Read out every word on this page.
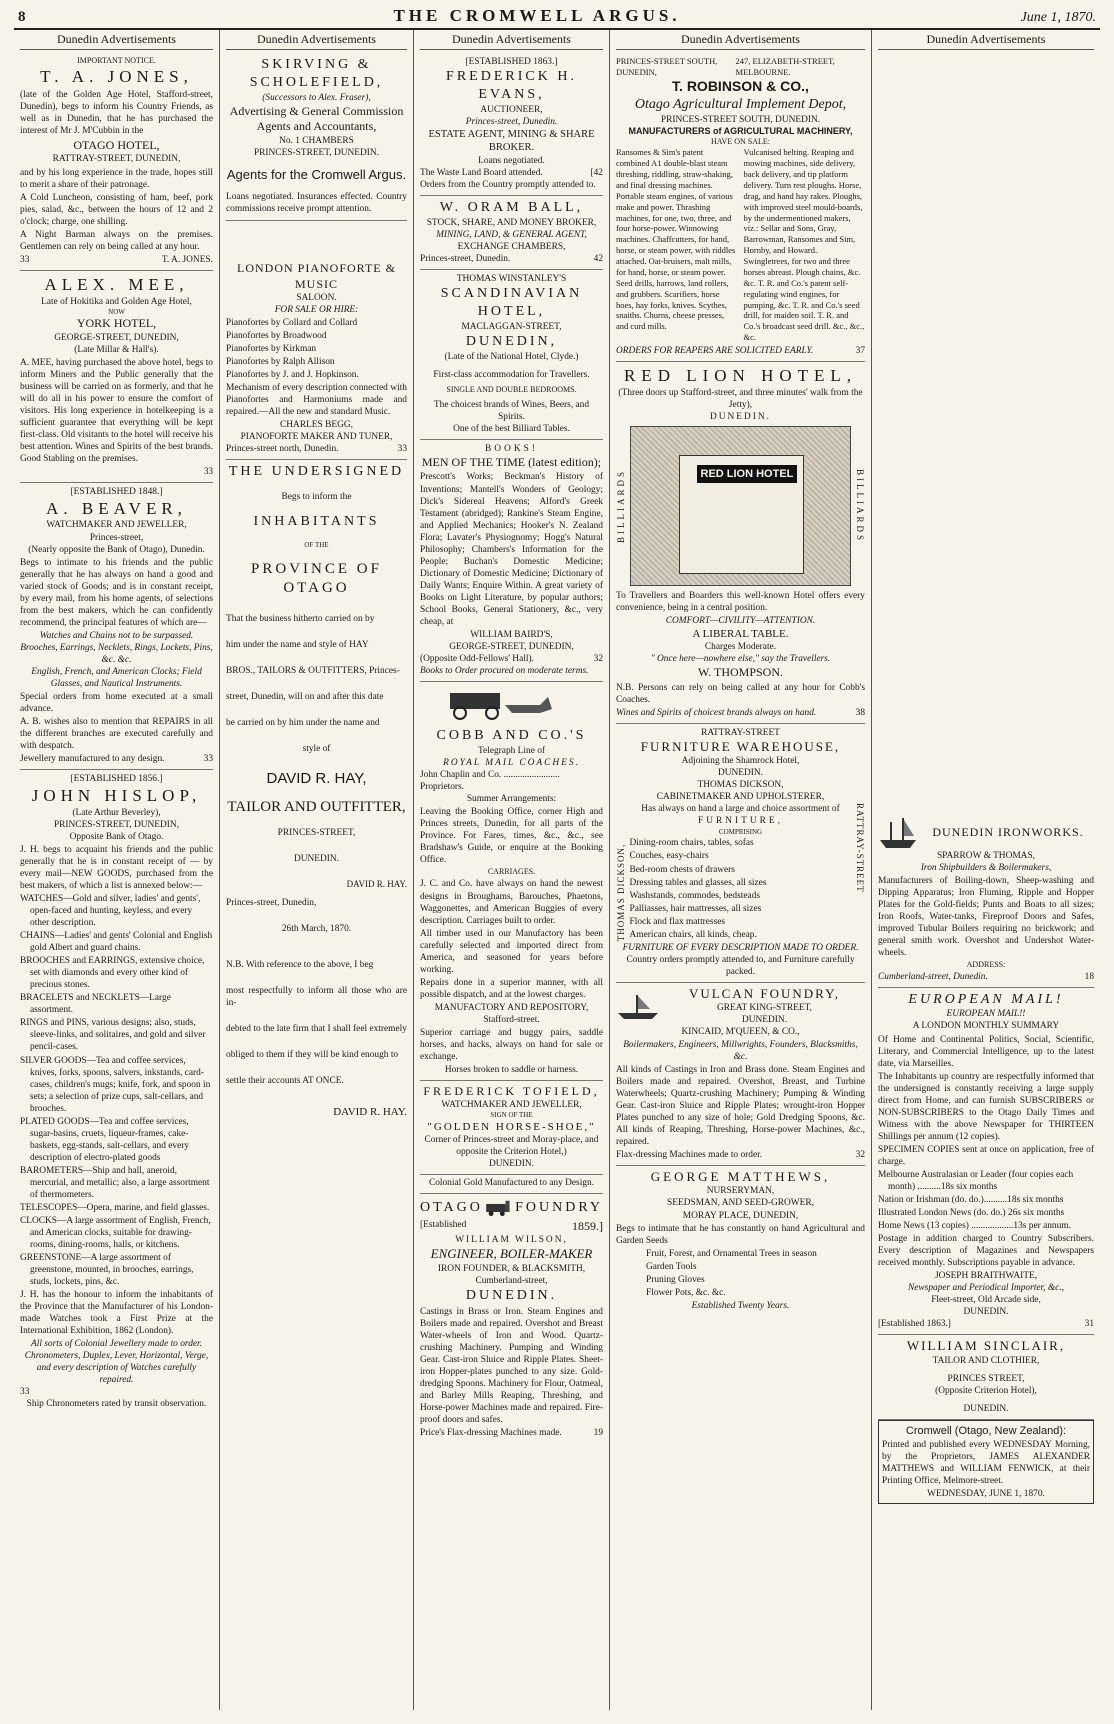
8	THE CROMWELL ARGUS.	June 1, 1870.
Dunedin Advertisements
IMPORTANT NOTICE.
T. A. JONES,

(late of the Golden Age Hotel, Stafford-street, Dunedin), begs to inform his Country Friends, as well as in Dunedin, that he has purchased the interest of Mr J. M'Cubbin in the

OTAGO HOTEL,
RATTRAY-STREET, DUNEDIN,

and by his long experience in the trade, hopes still to merit a share of their patronage.

A Cold Luncheon, consisting of ham, beef, pork pies, salad, &c., between the hours of 12 and 2 o'clock; charge, one shilling.

A Night Barman always on the premises. Gentlemen can rely on being called at any hour.

33	T. A. JONES.
ALEX. MEE,
Late of Hokitika and Golden Age Hotel,
NOW
YORK HOTEL,
GEORGE-STREET, DUNEDIN,
(Late Millar & Hall's).

A. MEE, having purchased the above hotel, begs to inform Miners and the Public generally that the business will be carried on as formerly, and that he will do all in his power to ensure the comfort of visitors. His long experience in hotelkeeping is a sufficient guarantee that everything will be kept first-class. Old visitants to the hotel will receive his best attention. Wines and Spirits of the best brands. Good Stabling on the premises.

33
[ESTABLISHED 1848.]
A. BEAVER,
WATCHMAKER AND JEWELLER,
Princes-street,
(Nearly opposite the Bank of Otago), Dunedin.

Begs to intimate to his friends and the public generally that he has always on hand a good and varied stock of Goods; and is in constant receipt, by every mail, from his home agents, of selections from the best makers, which he can confidently recommend, the principal features of which are—

Watches and Chains not to be surpassed.
Brooches, Earrings, Necklets, Rings, Lockets, Pins, &c. &c.
English, French, and American Clocks; Field Glasses, and Nautical Instruments.

Special orders from home executed at a small advance.

A. B. wishes also to mention that REPAIRS in all the different branches are executed carefully and with despatch.

Jewellery manufactured to any design.	33
[ESTABLISHED 1856.]
JOHN HISLOP,
(Late Arthur Beverley),
PRINCES-STREET, DUNEDIN,
Opposite Bank of Otago.

J. H. begs to acquaint his friends and the public generally that he is in constant receipt of — by every mail—NEW GOODS, purchased from the best makers, of which a list is annexed below:—

WATCHES—Gold and silver, ladies' and gents', open-faced and hunting, keyless, and every other description.
CHAINS—Ladies' and gents' Colonial and English gold Albert and guard chains.
BROOCHES and EARRINGS, extensive choice, set with diamonds and every other kind of precious stones.
BRACELETS and NECKLETS—Large assortment.
RINGS and PINS, various designs; also, studs, sleeve-links, and solitaires, and gold and silver pencil-cases.
SILVER GOODS—Tea and coffee services, knives, forks, spoons, salvers, inkstands, card-cases, children's mugs; knife, fork, and spoon in sets; a selection of prize cups, salt-cellars, and brooches.
PLATED GOODS—Tea and coffee services, sugar-basins, cruets, liqueur-frames, cake-baskets, egg-stands, salt-cellars, and every description of electro-plated goods
BAROMETERS—Ship and hall, aneroid, mercurial, and metallic; also, a large assortment of thermometers.
TELESCOPES—Opera, marine, and field glasses.
CLOCKS—A large assortment of English, French, and American clocks, suitable for drawing-rooms, dining-rooms, halls, or kitchens.
GREENSTONE—A large assortment of greenstone, mounted, in brooches, earrings, studs, lockets, pins, &c.

J. H. has the honour to inform the inhabitants of the Province that the Manufacturer of his London-made Watches took a First Prize at the International Exhibition, 1862 (London).

All sorts of Colonial Jewellery made to order.
Chronometers, Duplex, Lever, Horizontal, Verge, and every description of Watches carefully repaired.
33
Ship Chronometers rated by transit observation.
Dunedin Advertisements
SKIRVING & SCHOLEFIELD,
(Successors to Alex. Fraser),
Advertising & General Commission
Agents and Accountants,
No. 1 CHAMBERS
PRINCES-STREET, DUNEDIN.
Agents for the Cromwell Argus.

Loans negotiated. Insurances effected. Country commissions receive prompt attention.

LONDON PIANOFORTE & MUSIC
SALOON.
FOR SALE OR HIRE:
Pianofortes by Collard and Collard
Pianofortes by Broadwood
Pianofortes by Kirkman
Pianofortes by Ralph Allison
Pianofortes by J. and J. Hopkinson.

Mechanism of every description connected with Pianofortes and Harmoniums made and repaired.—All the new and standard Music.

CHARLES BEGG,
PIANOFORTE MAKER AND TUNER,
Princes-street north, Dunedin.	33
THE UNDERSIGNED
Begs to inform the
INHABITANTS
OF THE
PROVINCE OF OTAGO

That the business hitherto carried on by

him under the name and style of HAY

BROS., TAILORS & OUTFITTERS, Princes-

street, Dunedin, will on and after this date

be carried on by him under the name and

style of
DAVID R. HAY,
TAILOR AND OUTFITTER,
PRINCES-STREET,
DUNEDIN.
DAVID R. HAY.
Princes-street, Dunedin,
26th March, 1870.

N.B. With reference to the above, I beg

most respectfully to inform all those who are in-

debted to the late firm that I shall feel extremely

obliged to them if they will be kind enough to

settle their accounts AT ONCE.

DAVID R. HAY.
Dunedin Advertisements
[ESTABLISHED 1863.]
FREDERICK H. EVANS,
AUCTIONEER,
Princes-street, Dunedin.
ESTATE AGENT, MINING & SHARE BROKER.
Loans negotiated.
The Waste Land Board attended.	[42
Orders from the Country promptly attended to.
W. ORAM BALL,
STOCK, SHARE, AND MONEY BROKER,
MINING, LAND, & GENERAL AGENT,
EXCHANGE CHAMBERS,
Princes-street, Dunedin.	42
THOMAS WINSTANLEY'S
SCANDINAVIAN HOTEL,
MACLAGGAN-STREET,
DUNEDIN,
(Late of the National Hotel, Clyde.)
First-class accommodation for Travellers.
SINGLE AND DOUBLE BEDROOMS.
The choicest brands of Wines, Beers, and Spirits.
One of the best Billiard Tables.
BOOKS!
MEN OF THE TIME (latest edition);

Prescott's Works; Beckman's History of Inventions; Mantell's Wonders of Geology; Dick's Sidereal Heavens; Alford's Greek Testament (abridged); Rankine's Steam Engine, and Applied Mechanics; Hooker's N. Zealand Flora; Lavater's Physiognomy; Hogg's Natural Philosophy; Chambers's Information for the People; Buchan's Domestic Medicine; Dictionary of Domestic Medicine; Dictionary of Daily Wants; Enquire Within. A great variety of Books on Light Literature, by popular authors; School Books, General Stationery, &c., very cheap, at

WILLIAM BAIRD'S,
GEORGE-STREET, DUNEDIN,
(Opposite Odd-Fellows' Hall).	32
Books to Order procured on moderate terms.
COBB AND CO.'S
Telegraph Line of
ROYAL MAIL COACHES.
John Chaplin and Co. ........................ Proprietors.
Summer Arrangements:

Leaving the Booking Office, corner High and Princes streets, Dunedin, for all parts of the Province. For Fares, times, &c., &c., see Bradshaw's Guide, or enquire at the Booking Office.

CARRIAGES.

J. C. and Co. have always on hand the newest designs in Broughams, Barouches, Phaetons, Waggonettes, and American Buggies of every description. Carriages built to order.

All timber used in our Manufactory has been carefully selected and imported direct from America, and seasoned for years before working.

Repairs done in a superior manner, with all possible dispatch, and at the lowest charges.

MANUFACTORY AND REPOSITORY,
Stafford-street.

Superior carriage and buggy pairs, saddle horses, and hacks, always on hand for sale or exchange.

Horses broken to saddle or harness.
FREDERICK TOFIELD,
WATCHMAKER AND JEWELLER,
SIGN OF THE
"GOLDEN HORSE-SHOE,"
Corner of Princes-street and Moray-place, and
opposite the Criterion Hotel,)
DUNEDIN.
Colonial Gold Manufactured to any Design.
OTAGO FOUNDRY
[Established	1859.]
WILLIAM WILSON,
ENGINEER, BOILER-MAKER
IRON FOUNDER, & BLACKSMITH,
Cumberland-street,
DUNEDIN.

Castings in Brass or Iron. Steam Engines and Boilers made and repaired. Overshot and Breast Water-wheels of Iron and Wood. Quartz-crushing Machinery. Pumping and Winding Gear. Cast-iron Sluice and Ripple Plates. Sheet-iron Hopper-plates punched to any size. Gold-dredging Spoons. Machinery for Flour, Oatmeal, and Barley Mills Reaping, Threshing, and Horse-power Machines made and repaired. Fire-proof doors and safes.

Price's Flax-dressing Machines made.	19
Dunedin Advertisements
PRINCES-STREET SOUTH, DUNEDIN,
247, ELIZABETH-STREET, MELBOURNE.
T. ROBINSON & CO.,
Otago Agricultural Implement Depot,
PRINCES-STREET SOUTH, DUNEDIN.
MANUFACTURERS of AGRICULTURAL MACHINERY,
HAVE ON SALE:
Ransomes & Sim's patent combined A1 double-blast steam threshing, riddling, straw-shaking, and final dressing machines. Portable steam engines, of various make and power. Thrashing machines, for one, two, three, and four horse-power. Winnowing machines. Chaffcutters, for hand, horse, or steam power, with riddles attached. Oat-bruisers, malt mills, for hand, horse, or steam power. Seed drills, harrows, land rollers, and grubbers. Scarifiers, horse hoes, hay forks, knives. Scythes, snaiths. Churns, cheese presses, and curd mills.
Vulcanised belting. Reaping and mowing machines, side delivery, back delivery, and tip platform delivery. Turn rest ploughs. Horse, drag, and hand hay rakes. Ploughs, with improved steel mould-boards, by the undermentioned makers, viz.: Sellar and Sons, Gray, Barrowman, Ransomes and Sim, Hornby, and Howard. Swingletrees, for two and three horses abreast. Plough chains, &c. &c. T. R. and Co.'s patent self-regulating wind engines, for pumping, &c. T. R. and Co.'s seed drill, for maiden soil. T. R. and Co.'s broadcast seed drill. &c., &c., &c.
ORDERS FOR REAPERS ARE SOLICITED EARLY.	37
RED LION HOTEL,
(Three doors up Stafford-street, and three minutes' walk from the Jetty),
DUNEDIN.
BILLIARDS	RED LION HOTEL	BILLIARDS

To Travellers and Boarders this well-known Hotel offers every convenience, being in a central position.

COMFORT—CIVILITY—ATTENTION.
A LIBERAL TABLE.
Charges Moderate.
" Once here—nowhere else," say the Travellers.
W. THOMPSON.

N.B. Persons can rely on being called at any hour for Cobb's Coaches.

Wines and Spirits of choicest brands always on hand.	38
RATTRAY-STREET
FURNITURE WAREHOUSE,
Adjoining the Shamrock Hotel,
DUNEDIN.
THOMAS DICKSON,
CABINETMAKER AND UPHOLSTERER,
THOMAS DICKSON,
Has always on hand a large and choice assortment of
FURNITURE,
COMPRISING
Dining-room chairs, tables, sofas
Couches, easy-chairs
Bed-room chests of drawers
Dressing tables and glasses, all sizes
Washstands, commodes, bedsteads
Palliasses, hair mattresses, all sizes
Flock and flax mattresses
American chairs, all kinds, cheap.
RATTRAY-STREET
FURNITURE OF EVERY DESCRIPTION MADE TO ORDER.
Country orders promptly attended to, and Furniture carefully packed.
VULCAN FOUNDRY,
GREAT KING-STREET,
DUNEDIN.
KINCAID, M'QUEEN, & CO.,
Boilermakers, Engineers, Millwrights, Founders, Blacksmiths, &c.

All kinds of Castings in Iron and Brass done. Steam Engines and Boilers made and repaired. Overshot, Breast, and Turbine Waterwheels; Quartz-crushing Machinery; Pumping & Winding Gear. Cast-iron Sluice and Ripple Plates; wrought-iron Hopper Plates punched to any size of hole; Gold Dredging Spoons, &c. All kinds of Reaping, Threshing, Horse-power Machines, &c., repaired.

Flax-dressing Machines made to order.	32
GEORGE MATTHEWS,
NURSERYMAN,
SEEDSMAN, AND SEED-GROWER,
MORAY PLACE, DUNEDIN,

Begs to intimate that he has constantly on hand Agricultural and Garden Seeds

Fruit, Forest, and Ornamental Trees in season
Garden Tools
Pruning Gloves
Flower Pots, &c. &c.
Established Twenty Years.
Dunedin Advertisements
DUNEDIN IRONWORKS.
SPARROW & THOMAS,
Iron Shipbuilders & Boilermakers,

Manufacturers of Boiling-down, Sheep-washing and Dipping Apparatus; Iron Fluming, Ripple and Hopper Plates for the Gold-fields; Punts and Boats to all sizes; Iron Roofs, Water-tanks, Fireproof Doors and Safes, improved Tubular Boilers requiring no brickwork; and general smith work. Overshot and Undershot Water-wheels.

ADDRESS:
Cumberland-street, Dunedin.	18
EUROPEAN MAIL!
EUROPEAN MAIL!!
A LONDON MONTHLY SUMMARY

Of Home and Continental Politics, Social, Scientific, Literary, and Commercial Intelligence, up to the latest date, via Marseilles.

The Inhabitants up country are respectfully informed that the undersigned is constantly receiving a large supply direct from Home, and can furnish SUBSCRIBERS or NON-SUBSCRIBERS to the Otago Daily Times and Witness with the above Newspaper for THIRTEEN Shillings per annum (12 copies).

SPECIMEN COPIES sent at once on application, free of charge.

Melbourne Australasian or Leader (four copies each month) ..........18s six months
Nation or Irishman (do. do.)..........18s six months
Illustrated London News (do. do.) 26s six months
Home News (13 copies) ..................13s per annum.

Postage in addition charged to Country Subscribers. Every description of Magazines and Newspapers received monthly. Subscriptions payable in advance.

JOSEPH BRAITHWAITE,
Newspaper and Periodical Importer, &c.,
Fleet-street, Old Arcade side,
DUNEDIN.
[Established 1863.]	31
WILLIAM SINCLAIR,
TAILOR AND CLOTHIER,
PRINCES STREET,
(Opposite Criterion Hotel),
DUNEDIN.
Cromwell (Otago, New Zealand):

Printed and published every WEDNESDAY Morning, by the Proprietors, JAMES ALEXANDER MATTHEWS and WILLIAM FENWICK, at their Printing Office, Melmore-street.

WEDNESDAY, JUNE 1, 1870.
